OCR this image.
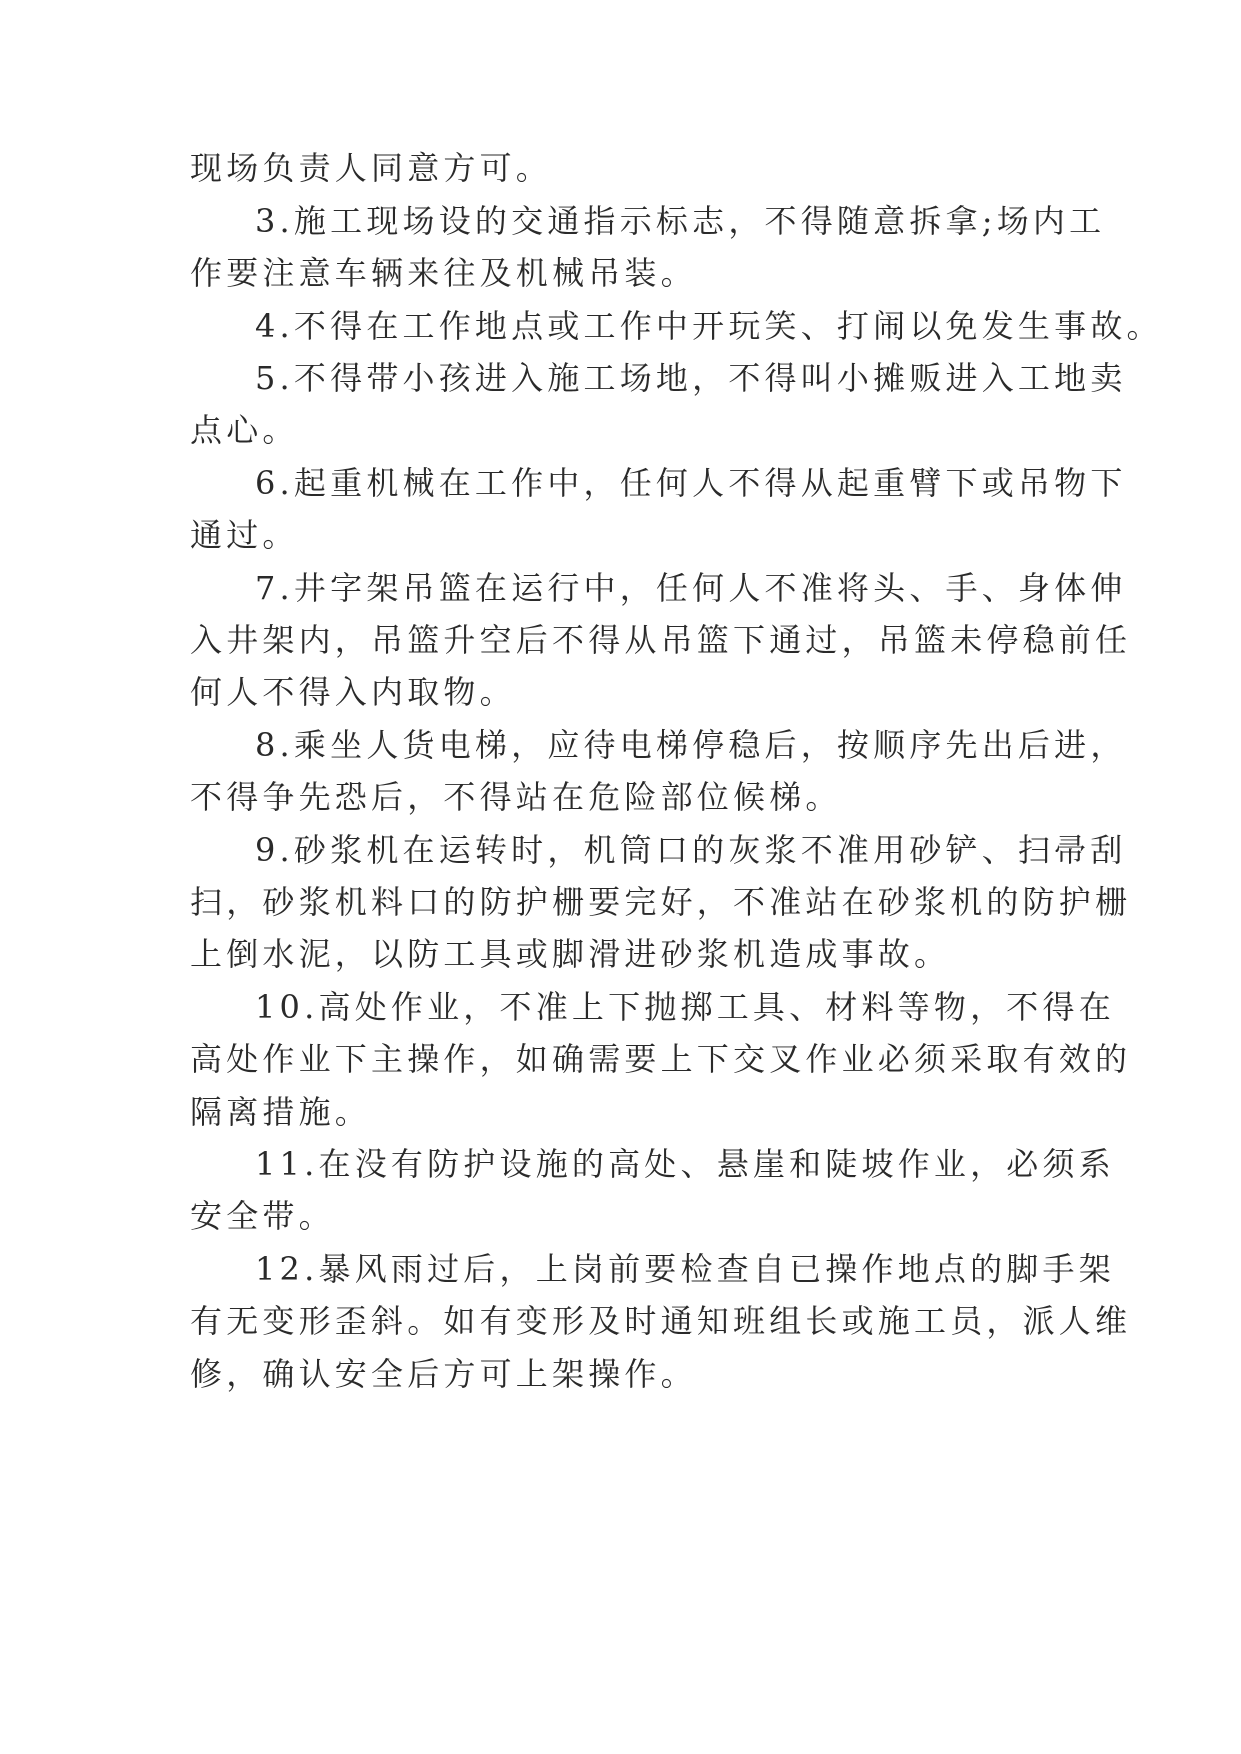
现场负责人同意方可。
3.施工现场设的交通指示标志，不得随意拆拿;场内工
作要注意车辆来往及机械吊装。
4.不得在工作地点或工作中开玩笑、打闹以免发生事故。
5.不得带小孩进入施工场地，不得叫小摊贩进入工地卖
点心。
6.起重机械在工作中，任何人不得从起重臂下或吊物下
通过。
7.井字架吊篮在运行中，任何人不准将头、手、身体伸
入井架内，吊篮升空后不得从吊篮下通过，吊篮未停稳前任
何人不得入内取物。
8.乘坐人货电梯，应待电梯停稳后，按顺序先出后进，
不得争先恐后，不得站在危险部位候梯。
9.砂浆机在运转时，机筒口的灰浆不准用砂铲、扫帚刮
扫，砂浆机料口的防护栅要完好，不准站在砂浆机的防护栅
上倒水泥，以防工具或脚滑进砂浆机造成事故。
10.高处作业，不准上下抛掷工具、材料等物，不得在
高处作业下主操作，如确需要上下交叉作业必须采取有效的
隔离措施。
11.在没有防护设施的高处、悬崖和陡坡作业，必须系
安全带。
12.暴风雨过后，上岗前要检查自已操作地点的脚手架
有无变形歪斜。如有变形及时通知班组长或施工员，派人维
修，确认安全后方可上架操作。
